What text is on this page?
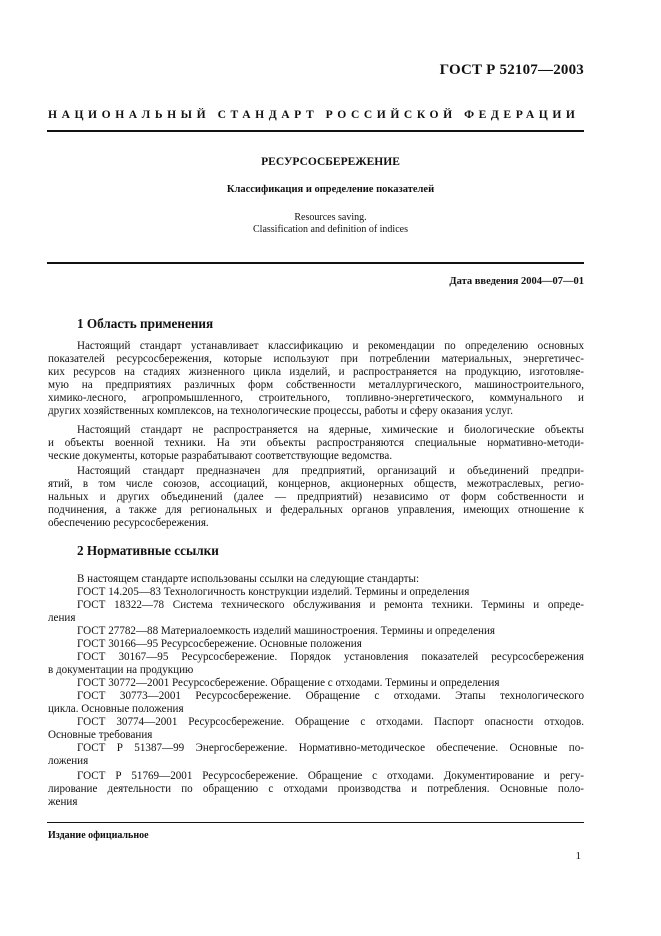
ГОСТ Р 52107—2003
НАЦИОНАЛЬНЫЙ СТАНДАРТ РОССИЙСКОЙ ФЕДЕРАЦИИ
РЕСУРСОСБЕРЕЖЕНИЕ
Классификация и определение показателей
Resources saving.
Classification and definition of indices
Дата введения 2004—07—01
1 Область применения
Настоящий стандарт устанавливает классификацию и рекомендации по определению основных
показателей ресурсосбережения, которые используют при потреблении материальных, энергетичес-
ких ресурсов на стадиях жизненного цикла изделий, и распространяется на продукцию, изготовляе-
мую на предприятиях различных форм собственности металлургического, машиностроительного,
химико-лесного, агропромышленного, строительного, топливно-энергетического, коммунального и
других хозяйственных комплексов, на технологические процессы, работы и сферу оказания услуг.
Настоящий стандарт не распространяется на ядерные, химические и биологические объекты
и объекты военной техники. На эти объекты распространяются специальные нормативно-методи-
ческие документы, которые разрабатывают соответствующие ведомства.
Настоящий стандарт предназначен для предприятий, организаций и объединений предпри-
ятий, в том числе союзов, ассоциаций, концернов, акционерных обществ, межотраслевых, регио-
нальных и других объединений (далее — предприятий) независимо от форм собственности и
подчинения, а также для региональных и федеральных органов управления, имеющих отношение к
обеспечению ресурсосбережения.
2 Нормативные ссылки
В настоящем стандарте использованы ссылки на следующие стандарты:
ГОСТ 14.205—83 Технологичность конструкции изделий. Термины и определения
ГОСТ 18322—78 Система технического обслуживания и ремонта техники. Термины и опреде-
ления
ГОСТ 27782—88 Материалоемкость изделий машиностроения. Термины и определения
ГОСТ 30166—95 Ресурсосбережение. Основные положения
ГОСТ 30167—95 Ресурсосбережение. Порядок установления показателей ресурсосбережения
в документации на продукцию
ГОСТ 30772—2001 Ресурсосбережение. Обращение с отходами. Термины и определения
ГОСТ 30773—2001 Ресурсосбережение. Обращение с отходами. Этапы технологического
цикла. Основные положения
ГОСТ 30774—2001 Ресурсосбережение. Обращение с отходами. Паспорт опасности отходов.
Основные требования
ГОСТ Р 51387—99 Энергосбережение. Нормативно-методическое обеспечение. Основные по-
ложения
ГОСТ Р 51769—2001 Ресурсосбережение. Обращение с отходами. Документирование и регу-
лирование деятельности по обращению с отходами производства и потребления. Основные поло-
жения
Издание официальное
1
